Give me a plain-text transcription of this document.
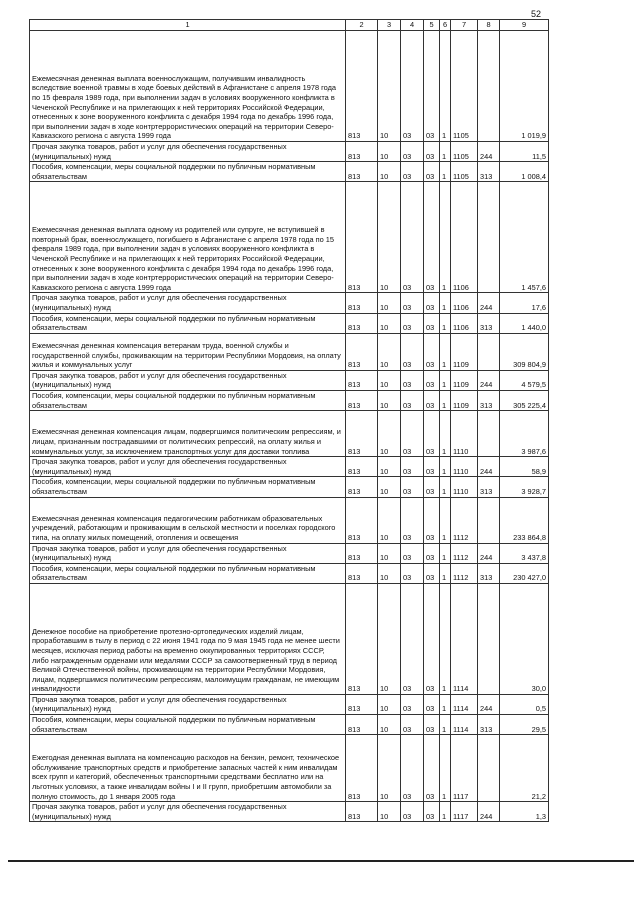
52
1	2	3	4	5	6	7	8	9
Ежемесячная денежная выплата военнослужащим, получившим инвалидность вследствие военной травмы в ходе боевых действий в Афганистане с апреля 1978 года по 15 февраля 1989 года, при выполнении задач в условиях вооруженного конфликта в Чеченской Республике и на прилегающих к ней территориях Российской Федерации, отнесенных к зоне вооруженного конфликта с декабря 1994 года по декабрь 1996 года, при выполнении задач в ходе контртеррористических операций на территории Северо-Кавказского региона с августа 1999 года	813	10	03	03	1	1105		1 019,9
Прочая закупка товаров, работ и услуг для обеспечения государственных (муниципальных) нужд	813	10	03	03	1	1105	244	11,5
Пособия, компенсации, меры социальной поддержки по публичным нормативным обязательствам	813	10	03	03	1	1105	313	1 008,4
Ежемесячная денежная выплата одному из родителей или супруге, не вступившей в повторный брак, военнослужащего, погибшего в Афганистане с апреля 1978 года по 15 февраля 1989 года, при выполнении задач в условиях вооруженного конфликта в Чеченской Республике и на прилегающих к ней территориях Российской Федерации, отнесенных к зоне вооруженного конфликта с декабря 1994 года по декабрь 1996 года, при выполнении задач в ходе контртеррористических операций на территории Северо-Кавказского региона с августа 1999 года	813	10	03	03	1	1106		1 457,6
Прочая закупка товаров, работ и услуг для обеспечения государственных (муниципальных) нужд	813	10	03	03	1	1106	244	17,6
Пособия, компенсации, меры социальной поддержки по публичным нормативным обязательствам	813	10	03	03	1	1106	313	1 440,0
Ежемесячная денежная компенсация ветеранам труда, военной службы и государственной службы, проживающим на территории Республики Мордовия, на оплату жилья и коммунальных услуг	813	10	03	03	1	1109		309 804,9
Прочая закупка товаров, работ и услуг для обеспечения государственных (муниципальных) нужд	813	10	03	03	1	1109	244	4 579,5
Пособия, компенсации, меры социальной поддержки по публичным нормативным обязательствам	813	10	03	03	1	1109	313	305 225,4
Ежемесячная денежная компенсация лицам, подвергшимся политическим репрессиям, и лицам, признанным пострадавшими от политических репрессий, на оплату жилья и коммунальных услуг, за исключением транспортных услуг для доставки топлива	813	10	03	03	1	1110		3 987,6
Прочая закупка товаров, работ и услуг для обеспечения государственных (муниципальных) нужд	813	10	03	03	1	1110	244	58,9
Пособия, компенсации, меры социальной поддержки по публичным нормативным обязательствам	813	10	03	03	1	1110	313	3 928,7
Ежемесячная денежная компенсация педагогическим работникам образовательных учреждений, работающим и проживающим в сельской местности и поселках городского типа, на оплату жилых помещений, отопления и освещения	813	10	03	03	1	1112		233 864,8
Прочая закупка товаров, работ и услуг для обеспечения государственных (муниципальных) нужд	813	10	03	03	1	1112	244	3 437,8
Пособия, компенсации, меры социальной поддержки по публичным нормативным обязательствам	813	10	03	03	1	1112	313	230 427,0
Денежное пособие на приобретение протезно-ортопедических изделий лицам, проработавшим в тылу в период с 22 июня 1941 года по 9 мая 1945 года не менее шести месяцев, исключая период работы на временно оккупированных территориях СССР, либо награжденным орденами или медалями СССР за самоотверженный труд в период Великой Отечественной войны, проживающим на территории Республики Мордовия, лицам, подвергшимся политическим репрессиям, малоимущим гражданам, не имеющим инвалидности	813	10	03	03	1	1114		30,0
Прочая закупка товаров, работ и услуг для обеспечения государственных (муниципальных) нужд	813	10	03	03	1	1114	244	0,5
Пособия, компенсации, меры социальной поддержки по публичным нормативным обязательствам	813	10	03	03	1	1114	313	29,5
Ежегодная денежная выплата на компенсацию расходов на бензин, ремонт, техническое обслуживание транспортных средств и приобретение запасных частей к ним инвалидам всех групп и категорий, обеспеченных транспортными средствами бесплатно или на льготных условиях, а также инвалидам войны I и II групп, приобретшим автомобили за полную стоимость, до 1 января 2005 года	813	10	03	03	1	1117		21,2
Прочая закупка товаров, работ и услуг для обеспечения государственных (муниципальных) нужд	813	10	03	03	1	1117	244	1,3
